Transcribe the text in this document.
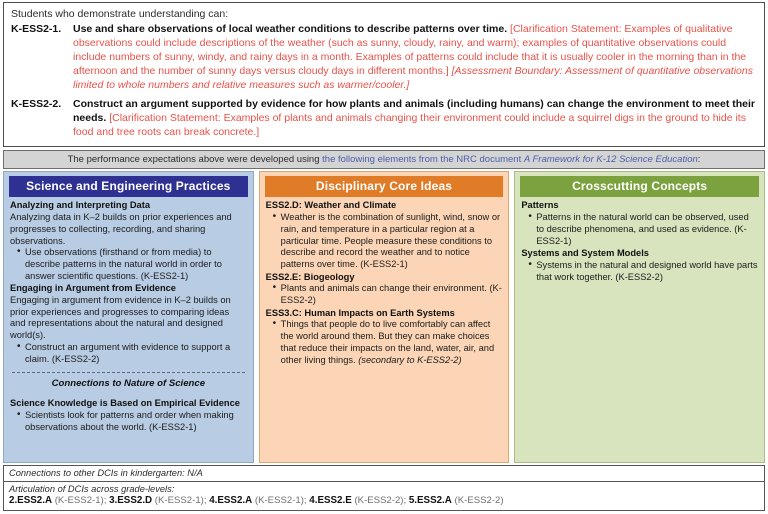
Students who demonstrate understanding can:
K-ESS2-1.	Use and share observations of local weather conditions to describe patterns over time. [Clarification Statement: Examples of qualitative observations could include descriptions of the weather (such as sunny, cloudy, rainy, and warm); examples of quantitative observations could include numbers of sunny, windy, and rainy days in a month. Examples of patterns could include that it is usually cooler in the morning than in the afternoon and the number of sunny days versus cloudy days in different months.] [Assessment Boundary: Assessment of quantitative observations limited to whole numbers and relative measures such as warmer/cooler.]
K-ESS2-2.	Construct an argument supported by evidence for how plants and animals (including humans) can change the environment to meet their needs. [Clarification Statement: Examples of plants and animals changing their environment could include a squirrel digs in the ground to hide its food and tree roots can break concrete.]
The performance expectations above were developed using the following elements from the NRC document A Framework for K-12 Science Education:
Science and Engineering Practices
Analyzing and Interpreting Data
Analyzing data in K–2 builds on prior experiences and progresses to collecting, recording, and sharing observations.
• Use observations (firsthand or from media) to describe patterns in the natural world in order to answer scientific questions. (K-ESS2-1)
Engaging in Argument from Evidence
Engaging in argument from evidence in K–2 builds on prior experiences and progresses to comparing ideas and representations about the natural and designed world(s).
• Construct an argument with evidence to support a claim. (K-ESS2-2)
Connections to Nature of Science
Science Knowledge is Based on Empirical Evidence
• Scientists look for patterns and order when making observations about the world. (K-ESS2-1)
Disciplinary Core Ideas
ESS2.D: Weather and Climate
• Weather is the combination of sunlight, wind, snow or rain, and temperature in a particular region at a particular time. People measure these conditions to describe and record the weather and to notice patterns over time. (K-ESS2-1)
ESS2.E: Biogeology
• Plants and animals can change their environment. (K-ESS2-2)
ESS3.C: Human Impacts on Earth Systems
• Things that people do to live comfortably can affect the world around them. But they can make choices that reduce their impacts on the land, water, air, and other living things. (secondary to K-ESS2-2)
Crosscutting Concepts
Patterns
• Patterns in the natural world can be observed, used to describe phenomena, and used as evidence. (K-ESS2-1)
Systems and System Models
• Systems in the natural and designed world have parts that work together. (K-ESS2-2)
Connections to other DCIs in kindergarten: N/A
Articulation of DCIs across grade-levels:
2.ESS2.A (K-ESS2-1); 3.ESS2.D (K-ESS2-1); 4.ESS2.A (K-ESS2-1); 4.ESS2.E (K-ESS2-2); 5.ESS2.A (K-ESS2-2)
